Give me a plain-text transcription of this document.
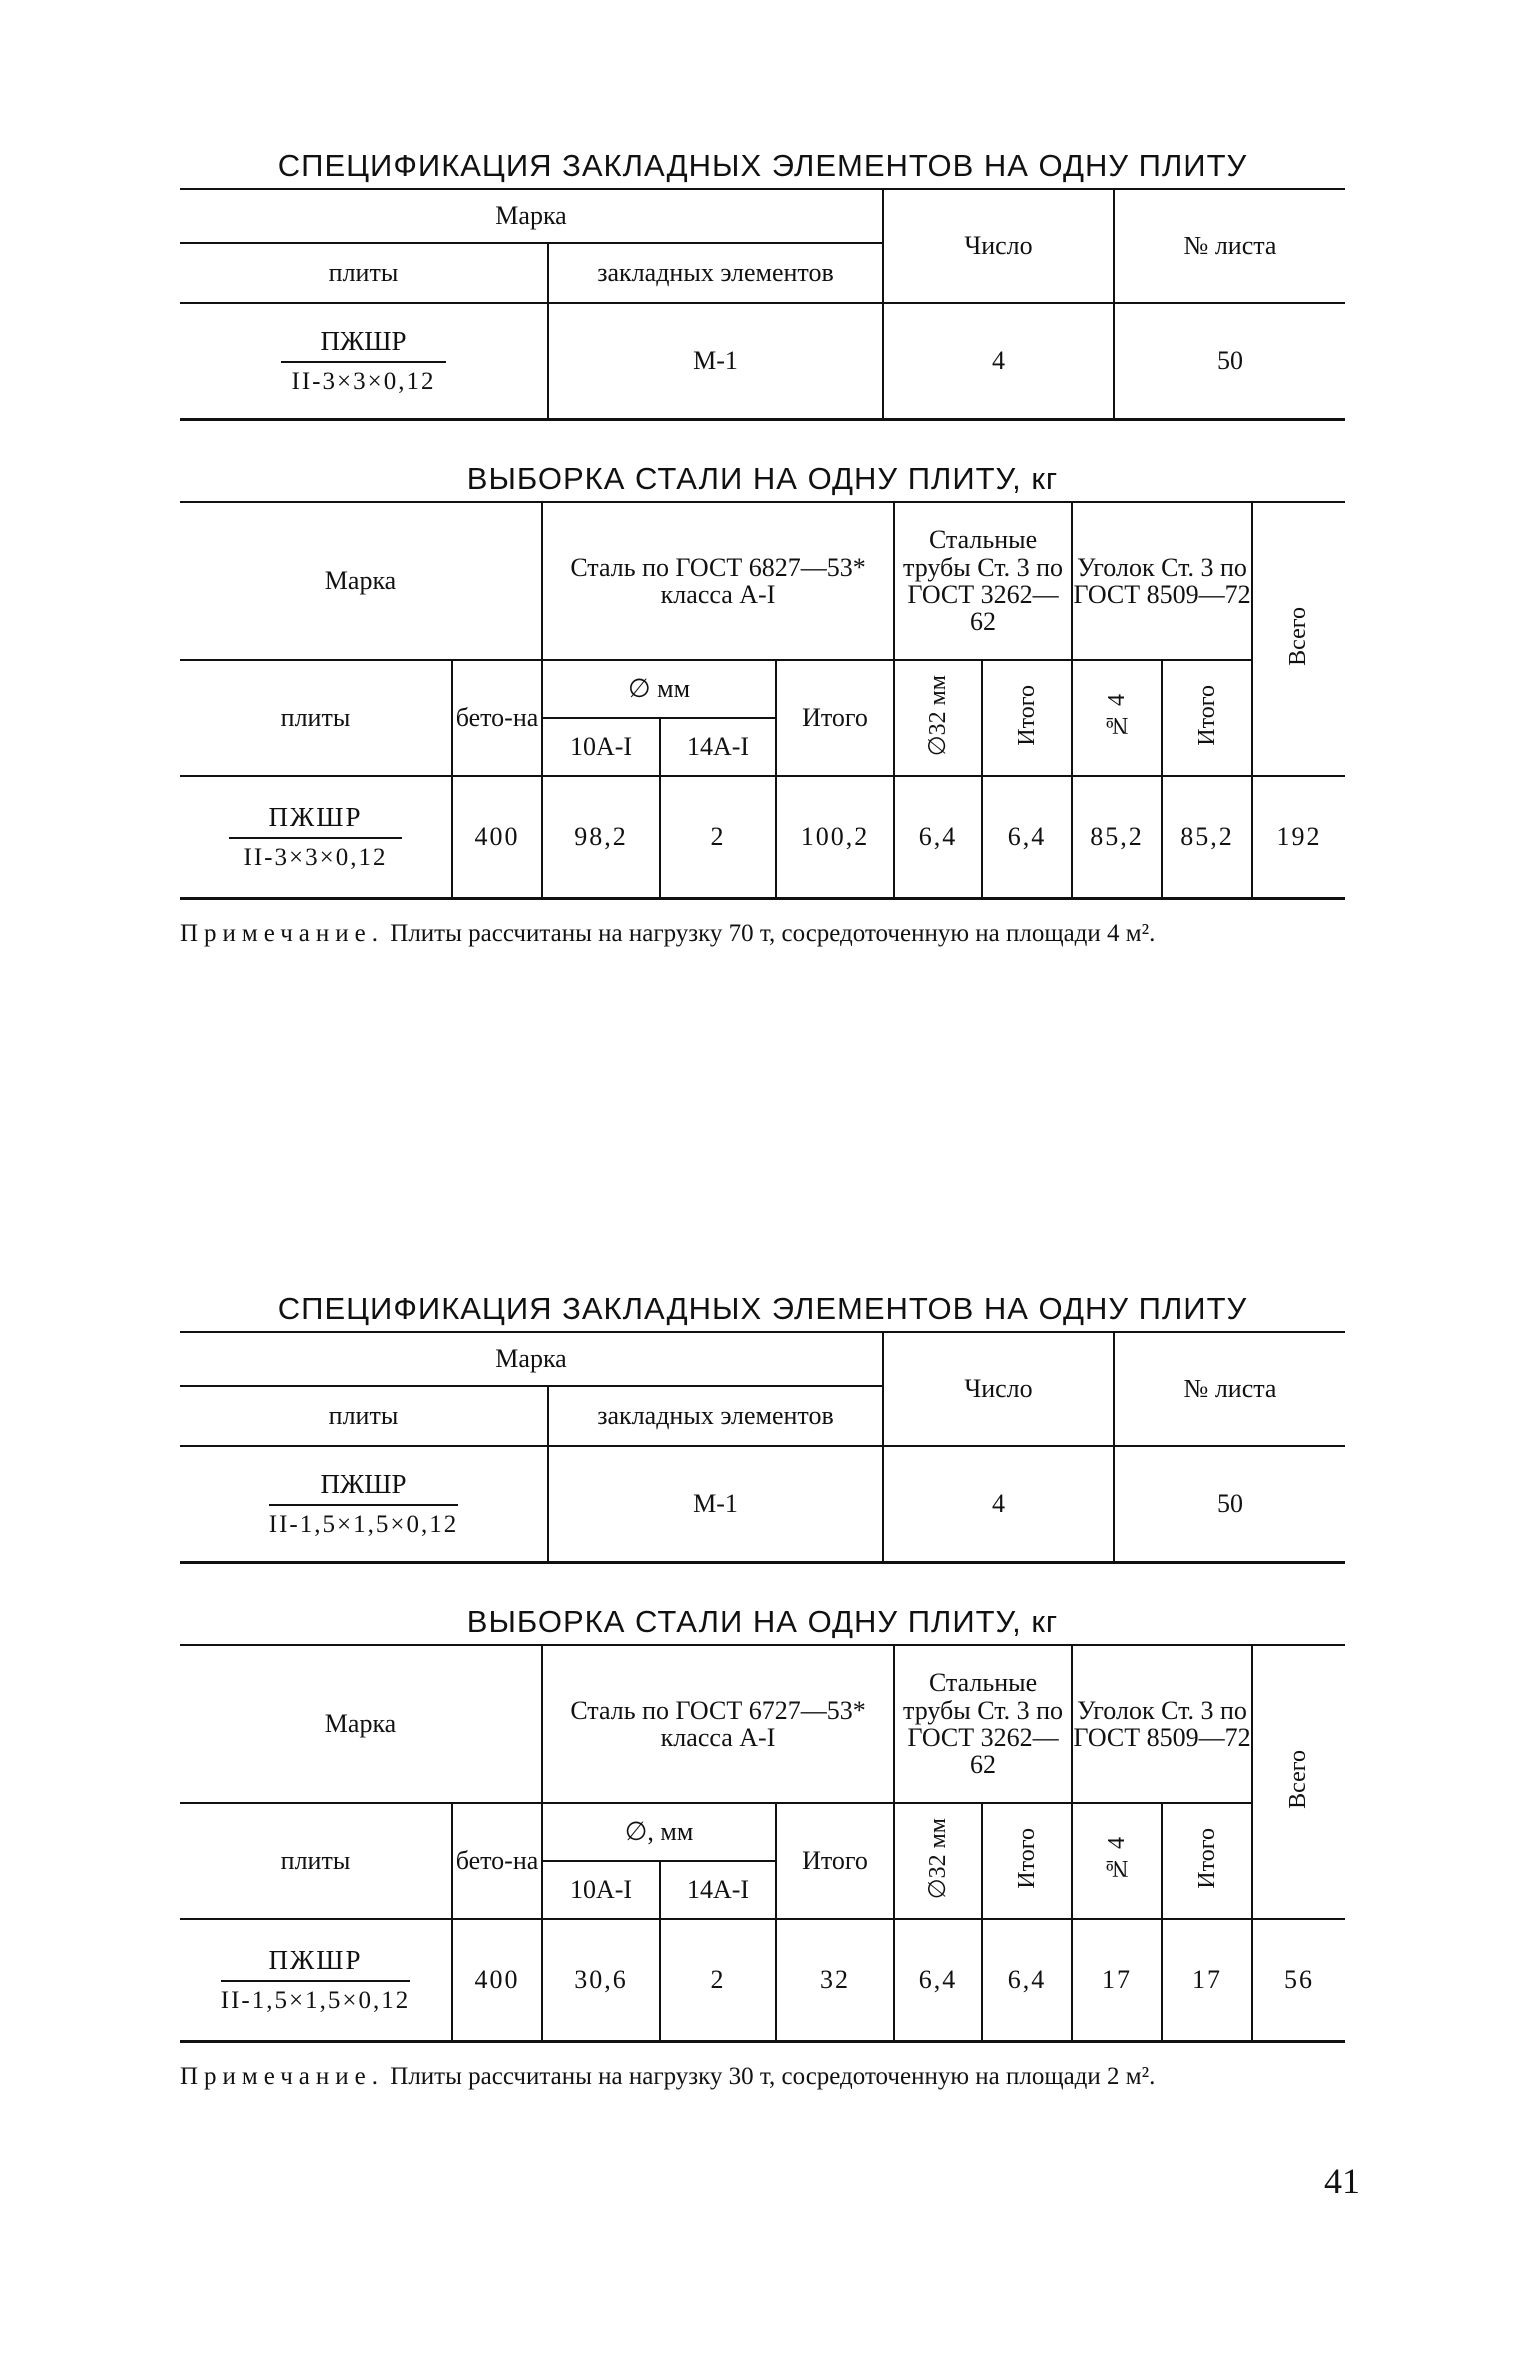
СПЕЦИФИКАЦИЯ ЗАКЛАДНЫХ ЭЛЕМЕНТОВ НА ОДНУ ПЛИТУ
Марка		Число	№ листа
плиты	закладных элементов		

$\frac{\text{ПЖШР}}{II-3\times 3\times 0,12}$	М-1	4	50
ВЫБОРКА СТАЛИ НА ОДНУ ПЛИТУ, кг
Марка		Сталь по ГОСТ 6827—53* класса А-I			Стальные трубы Ст. 3 по ГОСТ 3262—62		Уголок Ст. 3 по ГОСТ 8509—72		Всего
плиты	бето-на	∅ мм		Итого	∅32 мм	Итого	№ 4	Итого	
		10А-I	14А-I						

$\frac{\text{ПЖШР}}{II-3\times 3\times 0,12}$	400	98,2	2	100,2	6,4	6,4	85,2	85,2	192
Примечание. Плиты рассчитаны на нагрузку 70 т, сосредоточенную на площади 4 м².
СПЕЦИФИКАЦИЯ ЗАКЛАДНЫХ ЭЛЕМЕНТОВ НА ОДНУ ПЛИТУ
Марка		Число	№ листа
плиты	закладных элементов		

$\frac{\text{ПЖШР}}{II-1,5\times 1,5\times 0,12}$	М-1	4	50
ВЫБОРКА СТАЛИ НА ОДНУ ПЛИТУ, кг
Марка		Сталь по ГОСТ 6727—53* класса А-I			Стальные трубы Ст. 3 по ГОСТ 3262—62		Уголок Ст. 3 по ГОСТ 8509—72		Всего
плиты	бето-на	∅, мм		Итого	∅32 мм	Итого	№ 4	Итого	
		10А-I	14А-I						

$\frac{\text{ПЖШР}}{II-1,5\times 1,5\times 0,12}$	400	30,6	2	32	6,4	6,4	17	17	56
Примечание. Плиты рассчитаны на нагрузку 30 т, сосредоточенную на площади 2 м².
41
